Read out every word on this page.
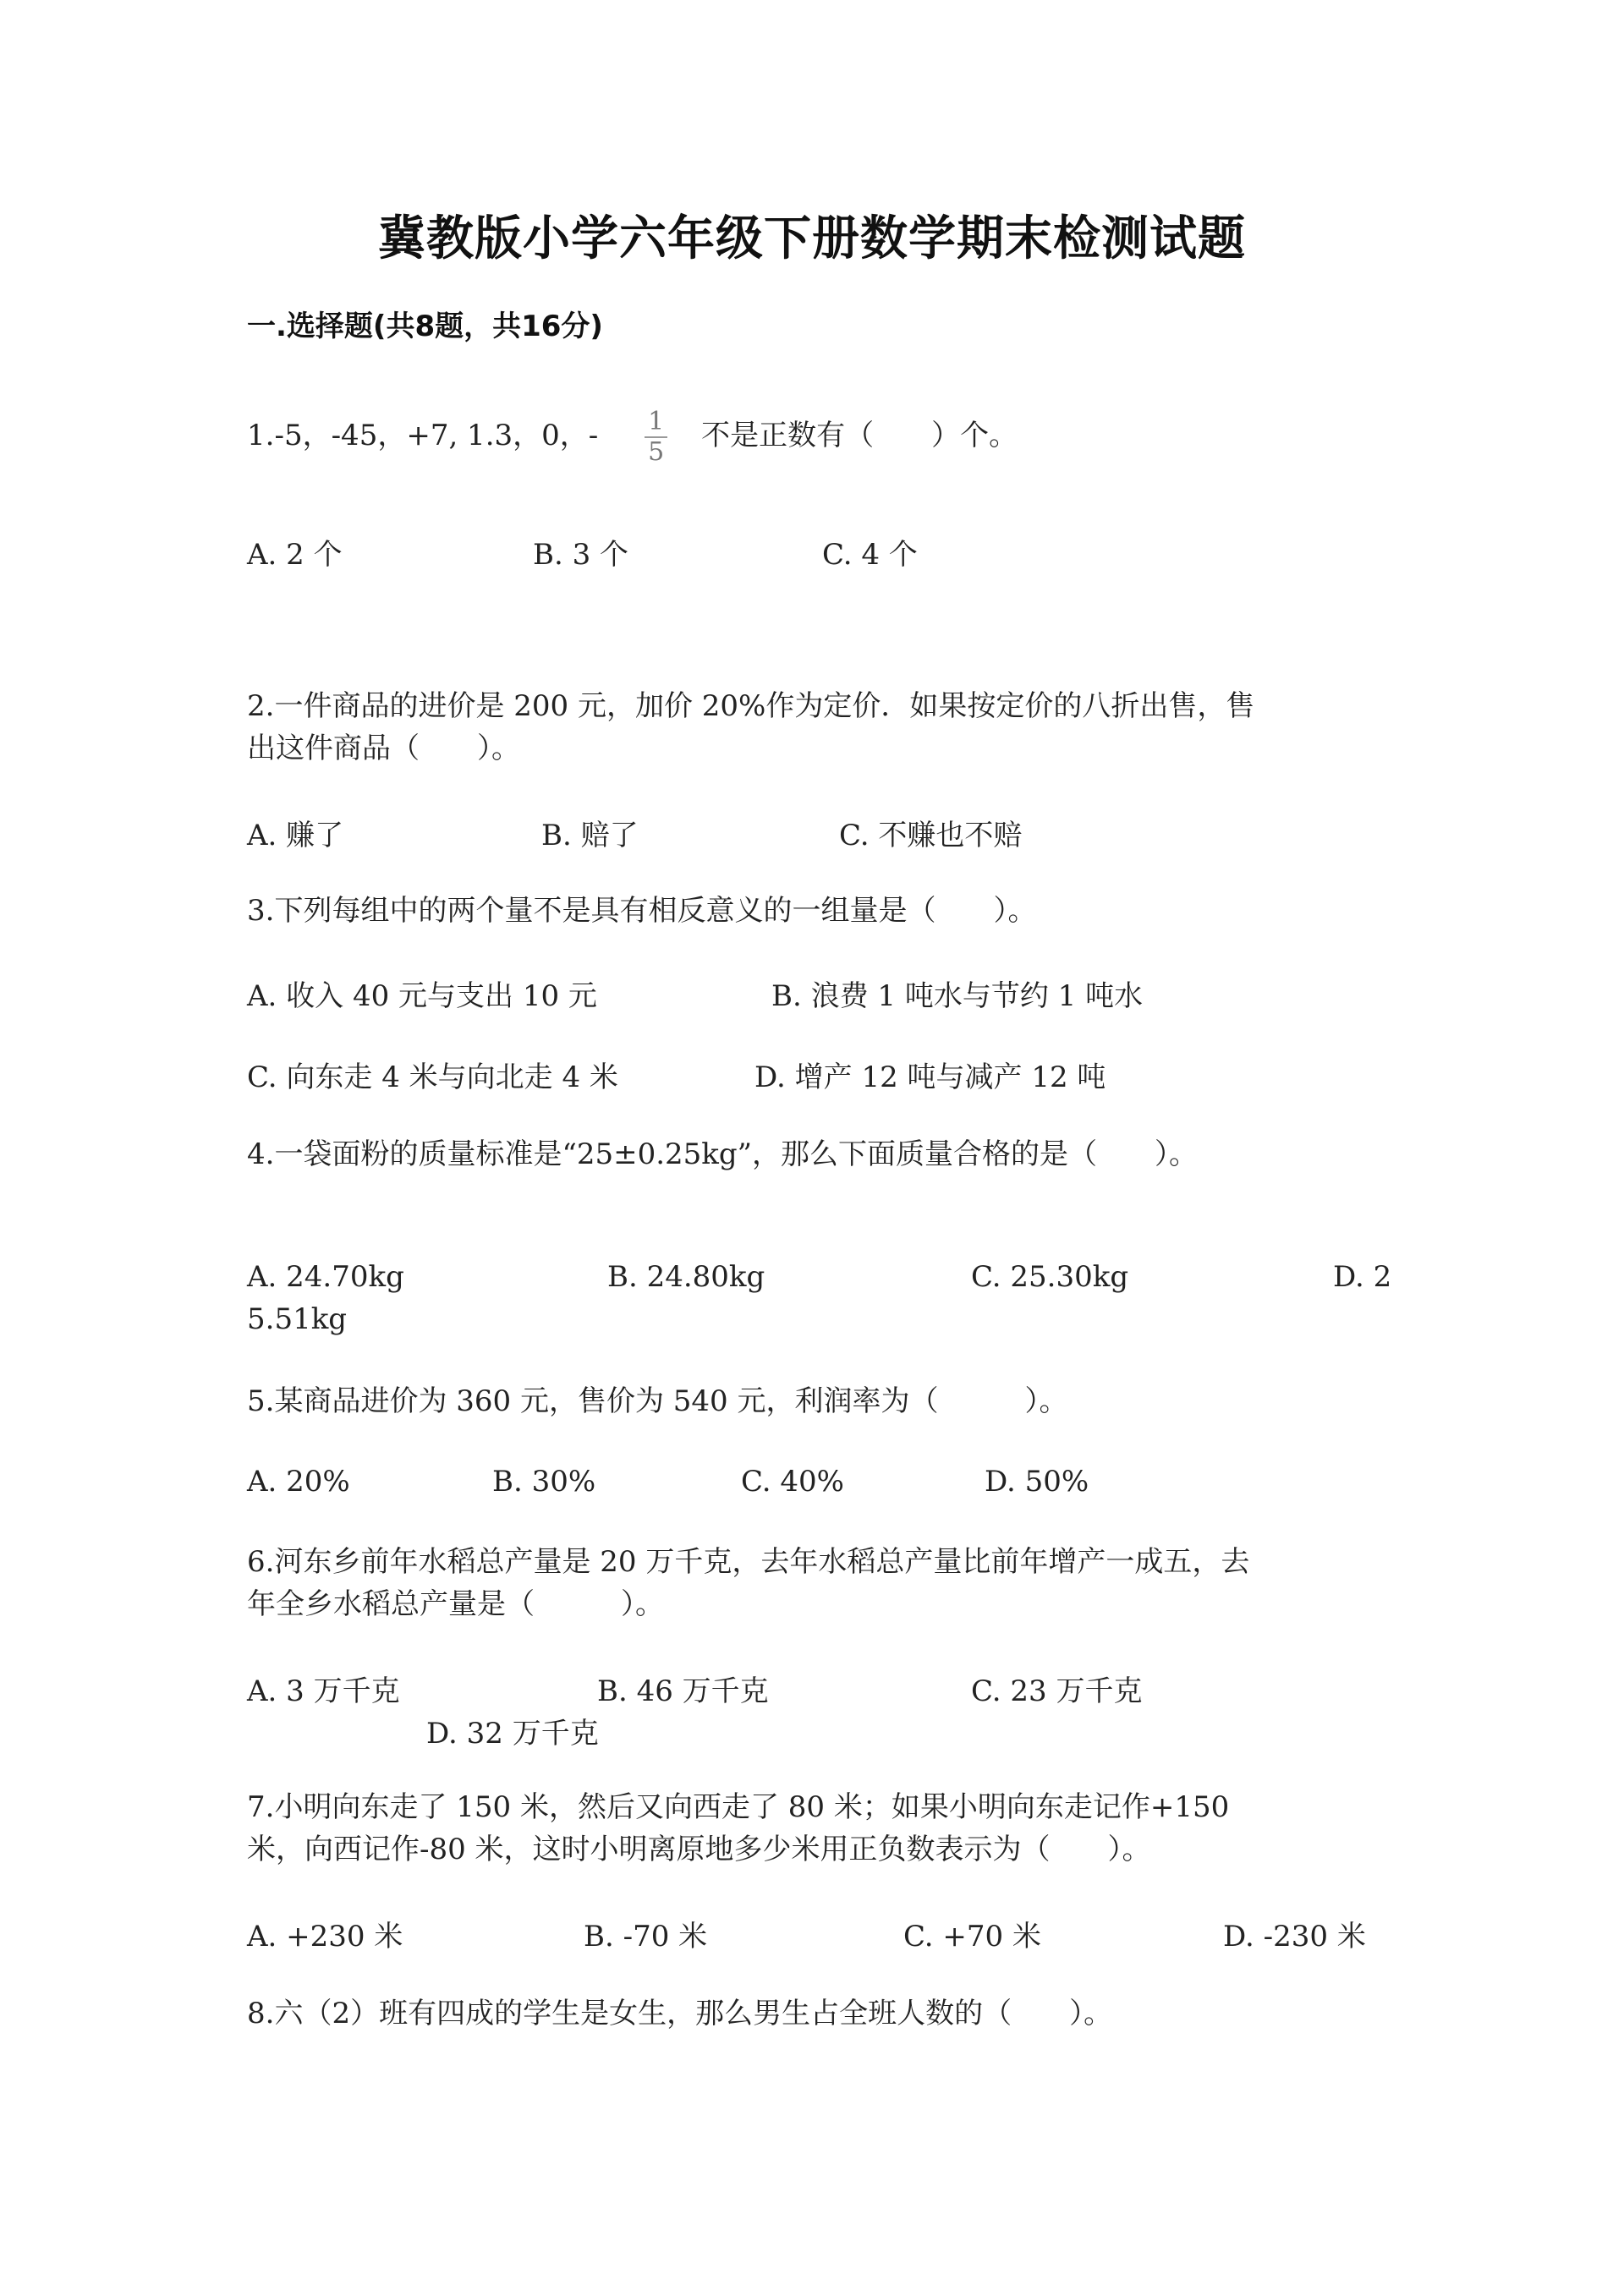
冀教版小学六年级下册数学期末检测试题
一.选择题(共8题，共16分)
1.-5，-45，+7, 1.3，0，- $\frac{1}{5}$ 不是正数有（　　）个。
A. 2 个	B. 3 个	C. 4 个
2.一件商品的进价是 200 元，加价 20%作为定价．如果按定价的八折出售，售
出这件商品（　　）。
A. 赚了	B. 赔了	C. 不赚也不赔
3.下列每组中的两个量不是具有相反意义的一组量是（　　）。
A. 收入 40 元与支出 10 元	B. 浪费 1 吨水与节约 1 吨水
C. 向东走 4 米与向北走 4 米	D. 增产 12 吨与减产 12 吨
4.一袋面粉的质量标准是“25±0.25kg”，那么下面质量合格的是（　　）。
A. 24.70kg	B. 24.80kg	C. 25.30kg	D. 2
5.51kg
5.某商品进价为 360 元，售价为 540 元，利润率为（　　　）。
A. 20%	B. 30%	C. 40%	D. 50%
6.河东乡前年水稻总产量是 20 万千克，去年水稻总产量比前年增产一成五，去
年全乡水稻总产量是（　　　）。
A. 3 万千克	B. 46 万千克	C. 23 万千克
D. 32 万千克
7.小明向东走了 150 米，然后又向西走了 80 米；如果小明向东走记作+150
米，向西记作-80 米，这时小明离原地多少米用正负数表示为（　　）。
A. +230 米	B. -70 米	C. +70 米	D. -230 米
8.六（2）班有四成的学生是女生，那么男生占全班人数的（　　）。
